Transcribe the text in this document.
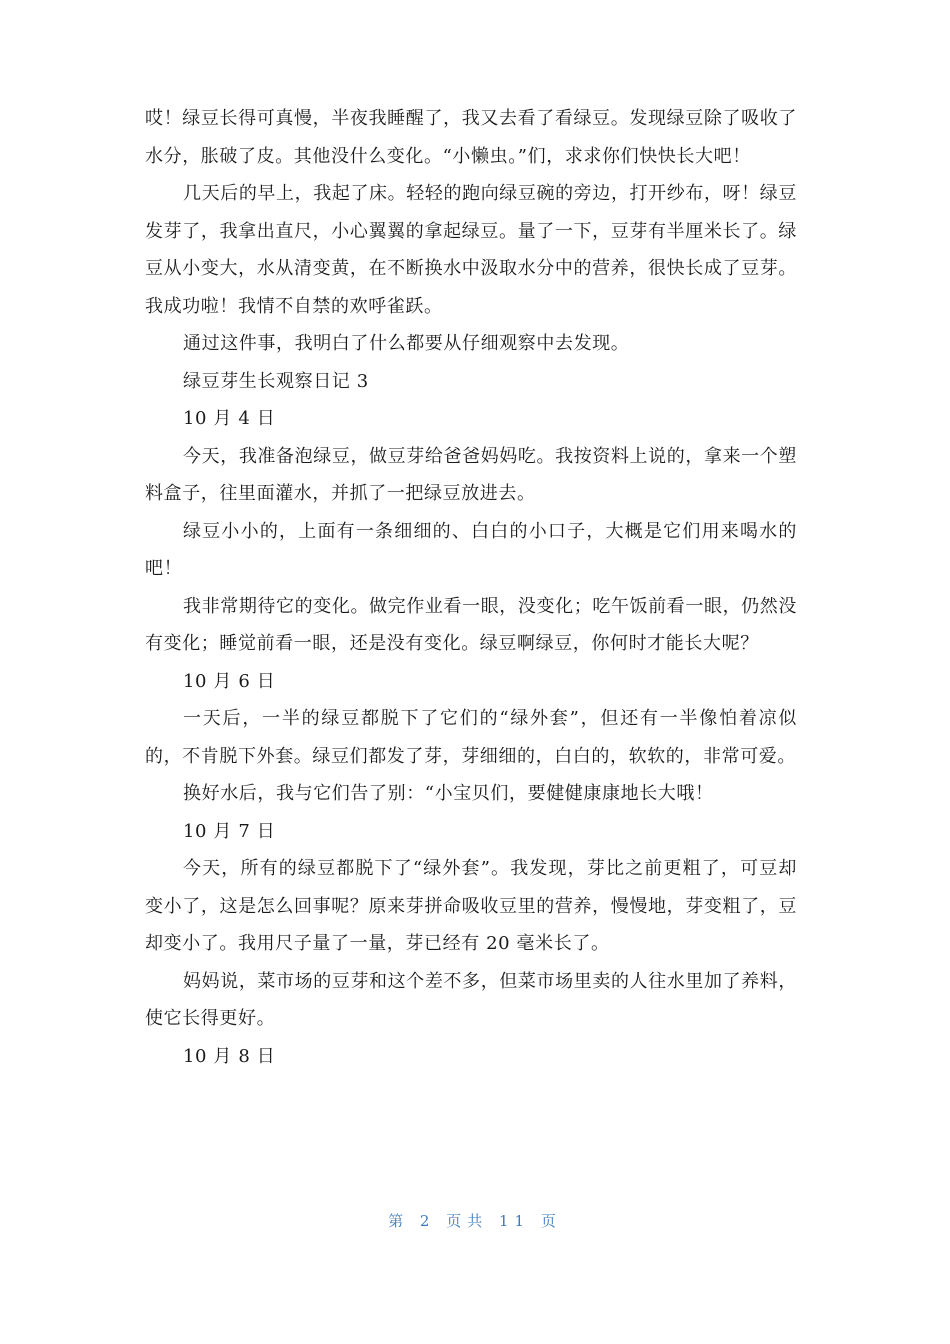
哎！绿豆长得可真慢，半夜我睡醒了，我又去看了看绿豆。发现绿豆除了吸收了水分，胀破了皮。其他没什么变化。“小懒虫。”们，求求你们快快长大吧！

几天后的早上，我起了床。轻轻的跑向绿豆碗的旁边，打开纱布，呀！绿豆发芽了，我拿出直尺，小心翼翼的拿起绿豆。量了一下，豆芽有半厘米长了。绿豆从小变大，水从清变黄，在不断换水中汲取水分中的营养，很快长成了豆芽。我成功啦！我情不自禁的欢呼雀跃。

通过这件事，我明白了什么都要从仔细观察中去发现。

绿豆芽生长观察日记 3

10 月 4 日

今天，我准备泡绿豆，做豆芽给爸爸妈妈吃。我按资料上说的，拿来一个塑料盒子，往里面灌水，并抓了一把绿豆放进去。

绿豆小小的，上面有一条细细的、白白的小口子，大概是它们用来喝水的吧！

我非常期待它的变化。做完作业看一眼，没变化；吃午饭前看一眼，仍然没有变化；睡觉前看一眼，还是没有变化。绿豆啊绿豆，你何时才能长大呢？

10 月 6 日

一天后，一半的绿豆都脱下了它们的“绿外套”，但还有一半像怕着凉似的，不肯脱下外套。绿豆们都发了芽，芽细细的，白白的，软软的，非常可爱。

换好水后，我与它们告了别：“小宝贝们，要健健康康地长大哦！

10 月 7 日

今天，所有的绿豆都脱下了“绿外套”。我发现，芽比之前更粗了，可豆却变小了，这是怎么回事呢？原来芽拼命吸收豆里的营养，慢慢地，芽变粗了，豆却变小了。我用尺子量了一量，芽已经有 20 毫米长了。

妈妈说，菜市场的豆芽和这个差不多，但菜市场里卖的人往水里加了养料，使它长得更好。

10 月 8 日

第 2 页共 11 页
